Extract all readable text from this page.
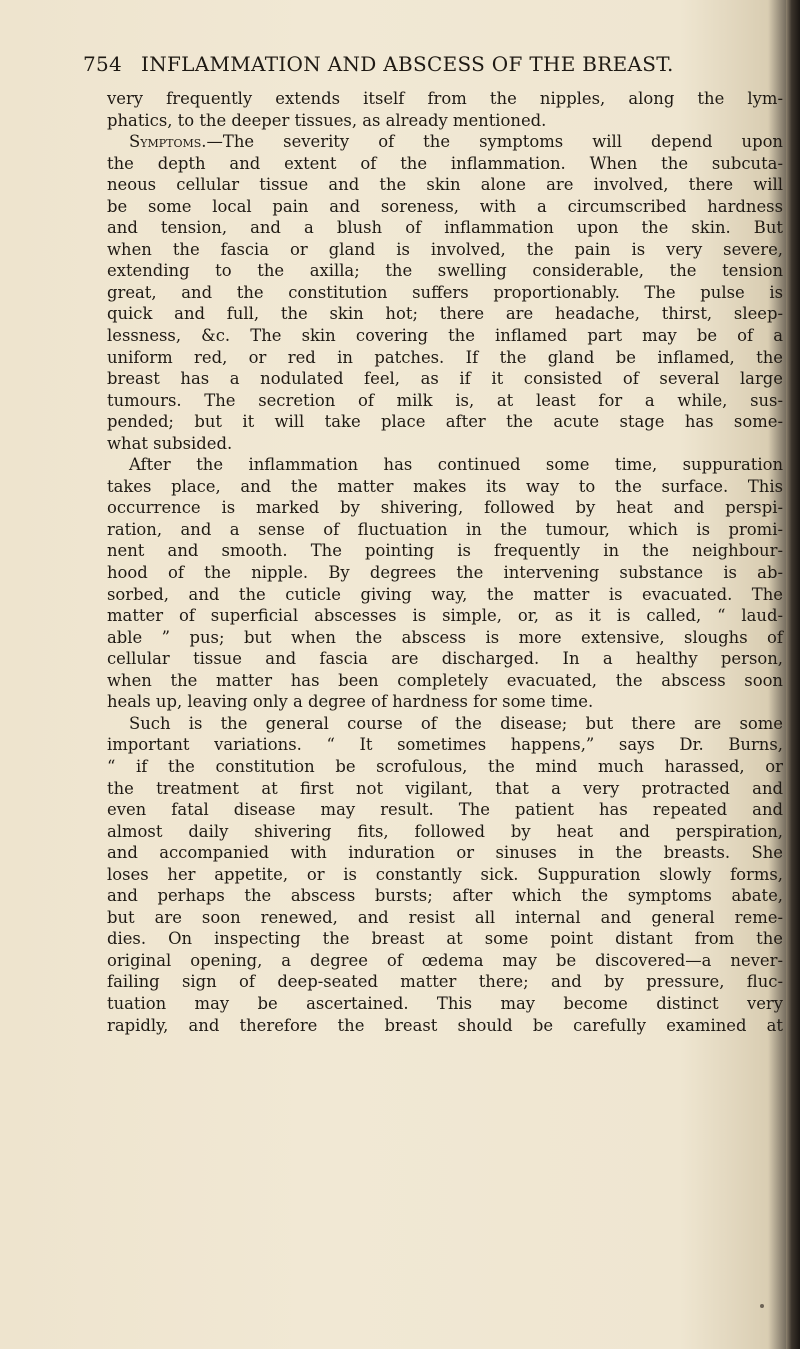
754 INFLAMMATION AND ABSCESS OF THE BREAST.
very frequently extends itself from the nipples, along the lym-
phatics, to the deeper tissues, as already mentioned.
Symptoms.—The severity of the symptoms will depend upon
the depth and extent of the inflammation. When the subcuta-
neous cellular tissue and the skin alone are involved, there will
be some local pain and soreness, with a circumscribed hardness
and tension, and a blush of inflammation upon the skin. But
when the fascia or gland is involved, the pain is very severe,
extending to the axilla; the swelling considerable, the tension
great, and the constitution suffers proportionably. The pulse is
quick and full, the skin hot; there are headache, thirst, sleep-
lessness, &c. The skin covering the inflamed part may be of a
uniform red, or red in patches. If the gland be inflamed, the
breast has a nodulated feel, as if it consisted of several large
tumours. The secretion of milk is, at least for a while, sus-
pended; but it will take place after the acute stage has some-
what subsided.
After the inflammation has continued some time, suppuration
takes place, and the matter makes its way to the surface. This
occurrence is marked by shivering, followed by heat and perspi-
ration, and a sense of fluctuation in the tumour, which is promi-
nent and smooth. The pointing is frequently in the neighbour-
hood of the nipple. By degrees the intervening substance is ab-
sorbed, and the cuticle giving way, the matter is evacuated. The
matter of superficial abscesses is simple, or, as it is called, “ laud-
able ” pus; but when the abscess is more extensive, sloughs of
cellular tissue and fascia are discharged. In a healthy person,
when the matter has been completely evacuated, the abscess soon
heals up, leaving only a degree of hardness for some time.
Such is the general course of the disease; but there are some
important variations. “ It sometimes happens,” says Dr. Burns,
“ if the constitution be scrofulous, the mind much harassed, or
the treatment at first not vigilant, that a very protracted and
even fatal disease may result. The patient has repeated and
almost daily shivering fits, followed by heat and perspiration,
and accompanied with induration or sinuses in the breasts. She
loses her appetite, or is constantly sick. Suppuration slowly forms,
and perhaps the abscess bursts; after which the symptoms abate,
but are soon renewed, and resist all internal and general reme-
dies. On inspecting the breast at some point distant from the
original opening, a degree of œdema may be discovered—a never-
failing sign of deep-seated matter there; and by pressure, fluc-
tuation may be ascertained. This may become distinct very
rapidly, and therefore the breast should be carefully examined at
